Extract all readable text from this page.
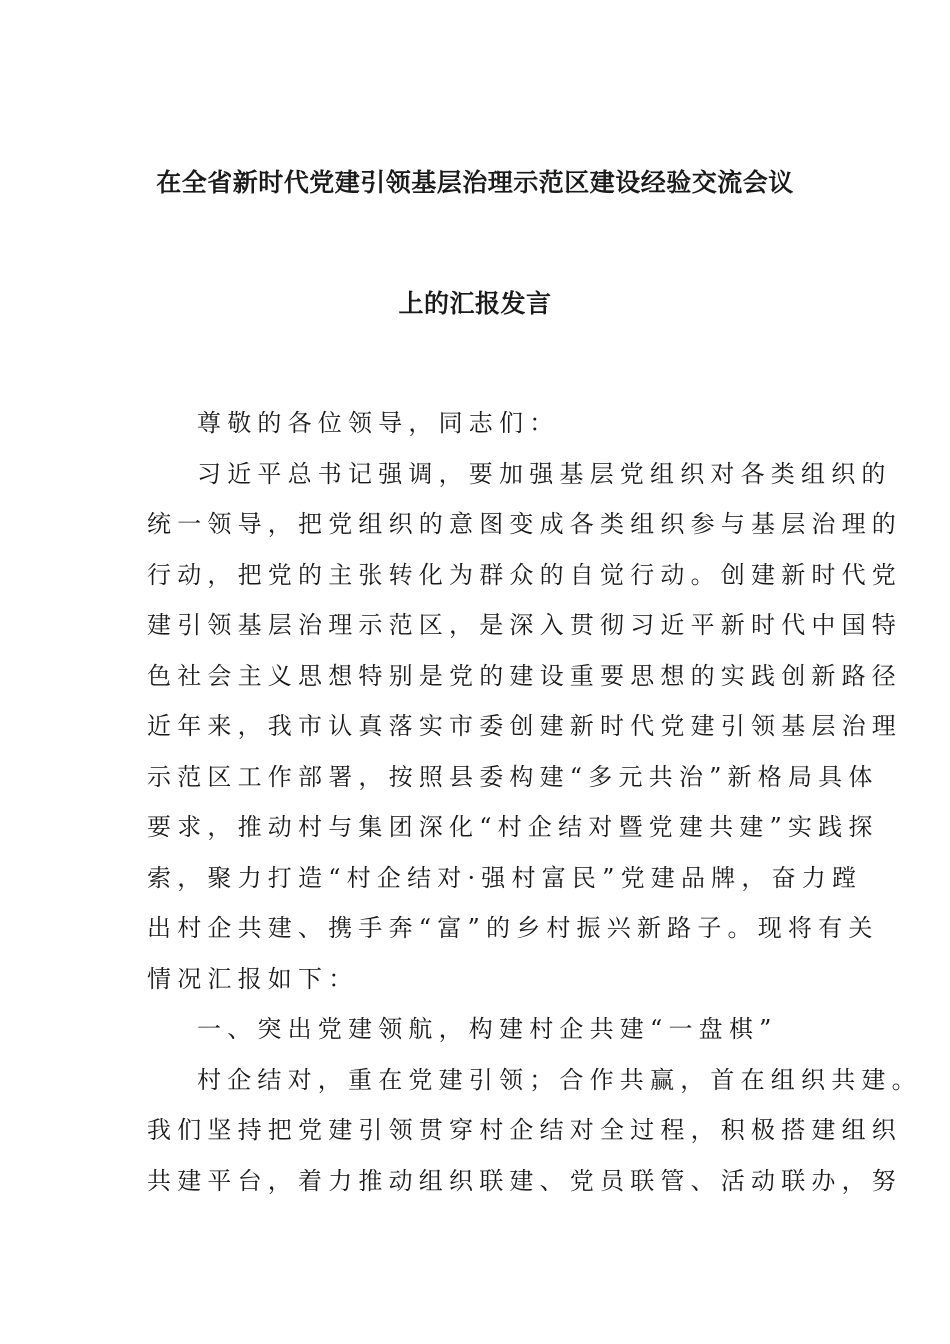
在全省新时代党建引领基层治理示范区建设经验交流会议
上的汇报发言

尊敬的各位领导，同志们：

习近平总书记强调，要加强基层党组织对各类组织的
统一领导，把党组织的意图变成各类组织参与基层治理的
行动，把党的主张转化为群众的自觉行动。创建新时代党
建引领基层治理示范区，是深入贯彻习近平新时代中国特
色社会主义思想特别是党的建设重要思想的实践创新路径
近年来，我市认真落实市委创建新时代党建引领基层治理
示范区工作部署，按照县委构建“多元共治”新格局具体
要求，推动村与集团深化“村企结对暨党建共建”实践探
索，聚力打造“村企结对·强村富民”党建品牌，奋力蹚
出村企共建、携手奔“富”的乡村振兴新路子。现将有关
情况汇报如下：

一、突出党建领航，构建村企共建“一盘棋”

村企结对，重在党建引领；合作共赢，首在组织共建。
我们坚持把党建引领贯穿村企结对全过程，积极搭建组织
共建平台，着力推动组织联建、党员联管、活动联办，努
